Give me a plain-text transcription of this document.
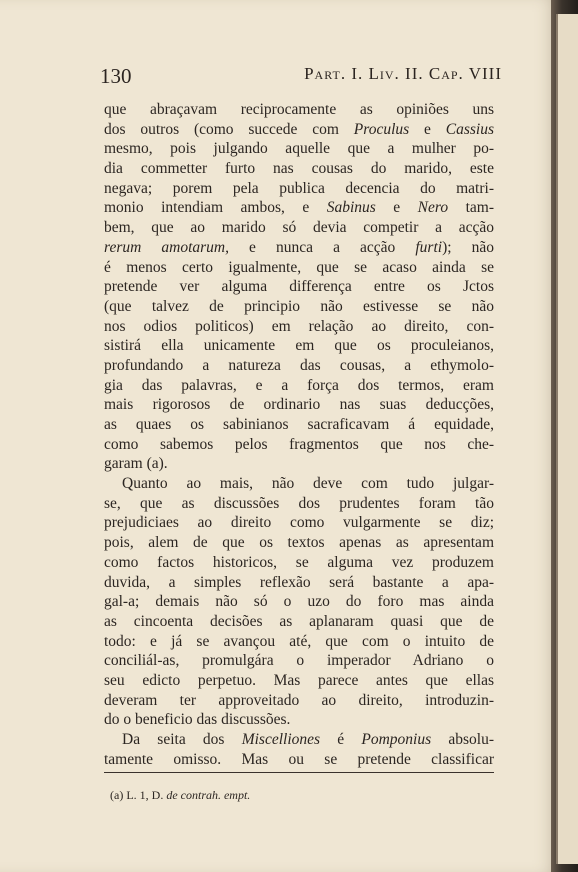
130	Part. I. Liv. II. Cap. VIII
que abraçavam reciprocamente as opiniões uns
dos outros (como succede com Proculus e Cassius
mesmo, pois julgando aquelle que a mulher po-
dia commetter furto nas cousas do marido, este
negava; porem pela publica decencia do matri-
monio intendiam ambos, e Sabinus e Nero tam-
bem, que ao marido só devia competir a acção
rerum amotarum, e nunca a acção furti); não
é menos certo igualmente, que se acaso ainda se
pretende ver alguma differença entre os Jctos
(que talvez de principio não estivesse se não
nos odios politicos) em relação ao direito, con-
sistirá ella unicamente em que os proculeianos,
profundando a natureza das cousas, a ethymolo-
gia das palavras, e a força dos termos, eram
mais rigorosos de ordinario nas suas deducções,
as quaes os sabinianos sacraficavam á equidade,
como sabemos pelos fragmentos que nos che-
garam (a).
Quanto ao mais, não deve com tudo julgar-
se, que as discussões dos prudentes foram tão
prejudiciaes ao direito como vulgarmente se diz;
pois, alem de que os textos apenas as apresentam
como factos historicos, se alguma vez produzem
duvida, a simples reflexão será bastante a apa-
gal-a; demais não só o uzo do foro mas ainda
as cincoenta decisões as aplanaram quasi que de
todo: e já se avançou até, que com o intuito de
conciliál-as, promulgára o imperador Adriano o
seu edicto perpetuo. Mas parece antes que ellas
deveram ter approveitado ao direito, introduzin-
do o beneficio das discussões.
Da seita dos Miscelliones é Pomponius absolu-
tamente omisso. Mas ou se pretende classificar
(a) L. 1, D. de contrah. empt.
